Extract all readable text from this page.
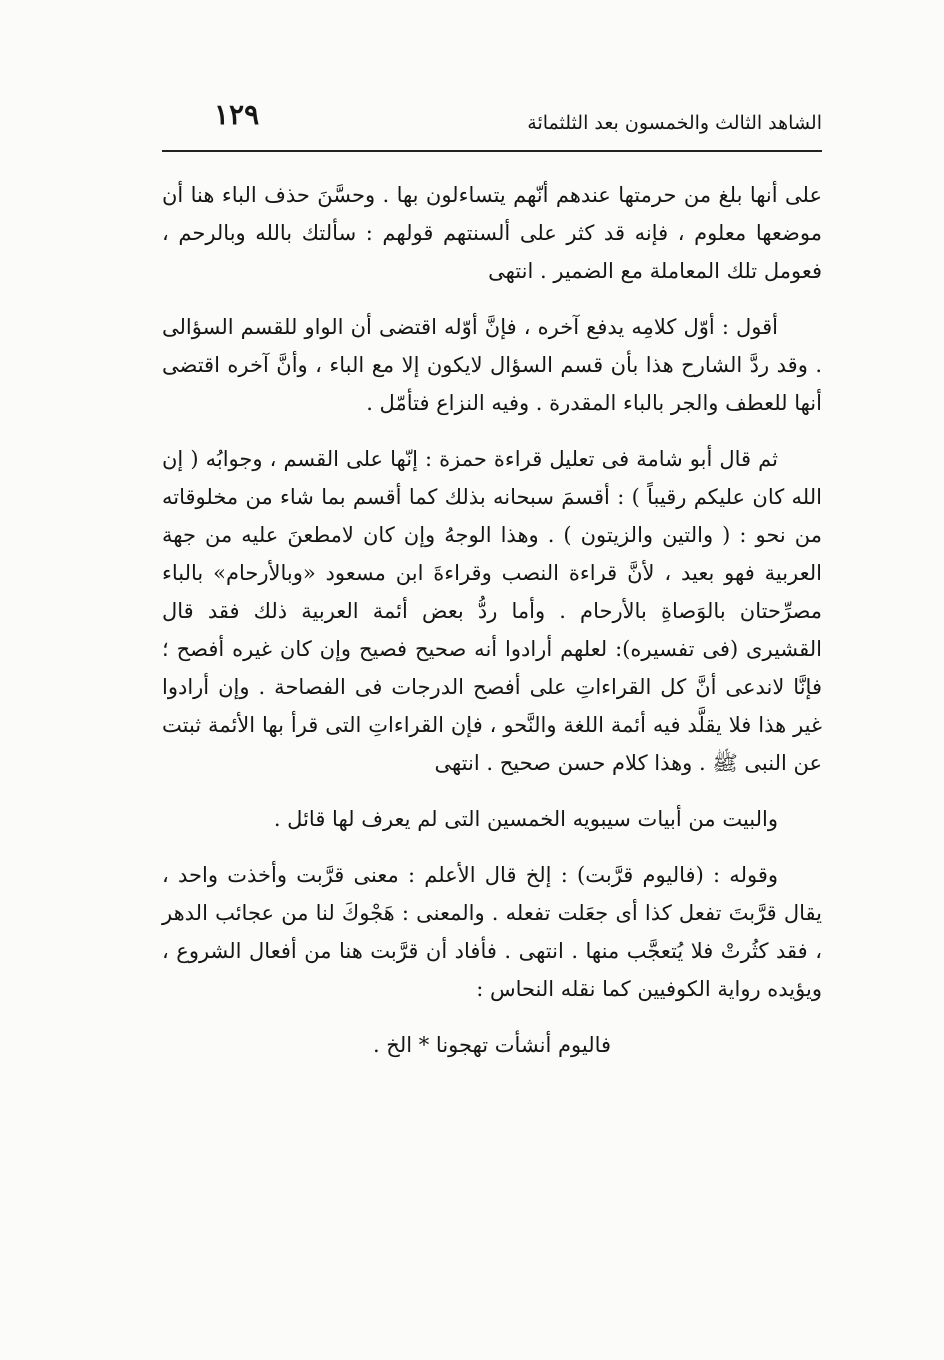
١٢٩	الشاهد الثالث والخمسون بعد الثلثمائة

على أنها بلغ من حرمتها عندهم أنّهم يتساءلون بها . وحسَّنَ حذف الباء هنا أن موضعها معلوم ، فإنه قد كثر على ألسنتهم قولهم : سألتك بالله وبالرحم ، فعومل تلك المعاملة مع الضمير . انتهى

أقول : أوّل كلامِه يدفع آخره ، فإنَّ أوّله اقتضى أن الواو للقسم السؤالى . وقد ردَّ الشارح هذا بأن قسم السؤال لايكون إلا مع الباء ، وأنَّ آخره اقتضى أنها للعطف والجر بالباء المقدرة . وفيه النزاع فتأمّل .

ثم قال أبو شامة فى تعليل قراءة حمزة : إنّها على القسم ، وجوابُه ( إن الله كان عليكم رقيباً ) : أقسمَ سبحانه بذلك كما أقسم بما شاء من مخلوقاته من نحو : ( والتين والزيتون ) . وهذا الوجهُ وإن كان لامطعنَ عليه من جهة العربية فهو بعيد ، لأنَّ قراءة النصب وقراءةَ ابن مسعود «وبالأرحام» بالباء مصرِّحتان بالوَصاةِ بالأرحام . وأما ردُّ بعض أئمة العربية ذلك فقد قال القشيرى (فى تفسيره): لعلهم أرادوا أنه صحيح فصيح وإن كان غيره أفصح ؛ فإنَّا لاندعى أنَّ كل القراءاتِ على أفصح الدرجات فى الفصاحة . وإن أرادوا غير هذا فلا يقلَّد فيه أئمة اللغة والنَّحو ، فإن القراءاتِ التى قرأ بها الأئمة ثبتت عن النبى ﷺ . وهذا كلام حسن صحيح . انتهى

والبيت من أبيات سيبويه الخمسين التى لم يعرف لها قائل .

وقوله : (فاليوم قرَّبت) : إلخ قال الأعلم : معنى قرَّبت وأخذت واحد ، يقال قرَّبتَ تفعل كذا أى جعَلت تفعله . والمعنى : هَجْوكَ لنا من عجائب الدهر ، فقد كثُرتْ فلا يُتعجَّب منها . انتهى . فأفاد أن قرَّبت هنا من أفعال الشروع ، ويؤيده رواية الكوفيين كما نقله النحاس :

فاليوم أنشأت تهجونا * الخ .
